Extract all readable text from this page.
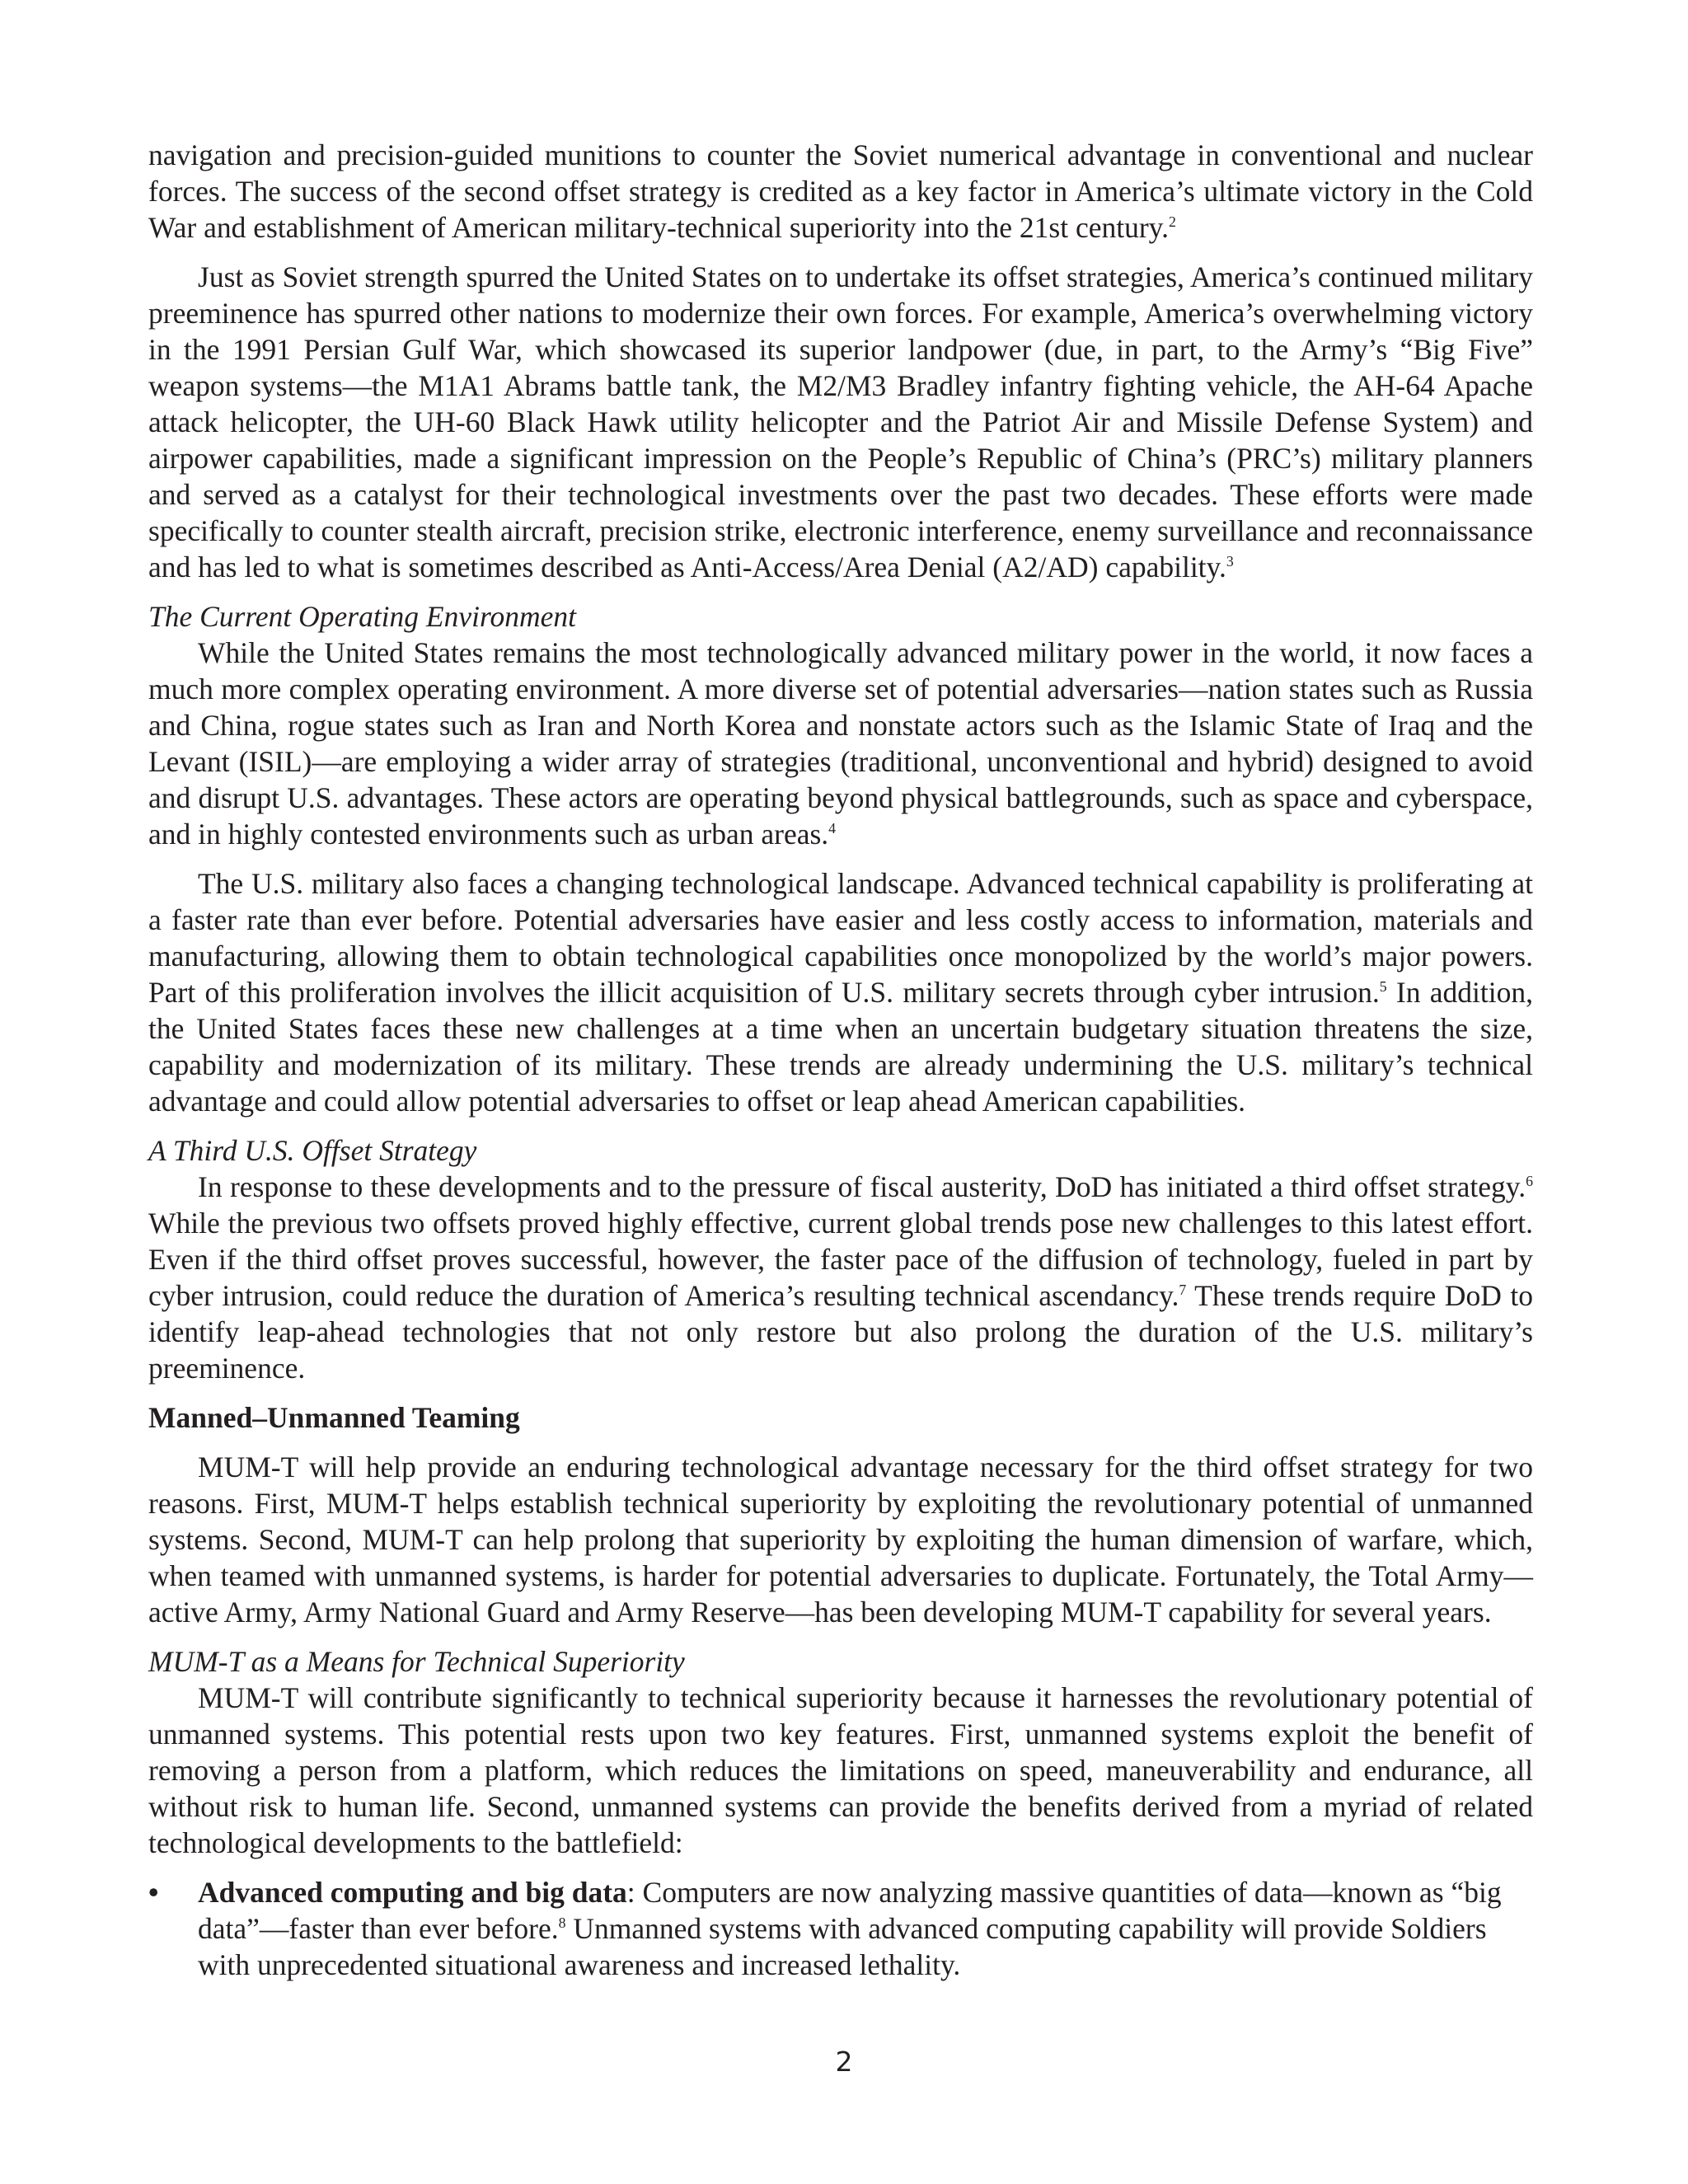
navigation and precision-guided munitions to counter the Soviet numerical advantage in conventional and nuclear forces. The success of the second offset strategy is credited as a key factor in America’s ultimate victory in the Cold War and establishment of American military-technical superiority into the 21st century.$^2$

Just as Soviet strength spurred the United States on to undertake its offset strategies, America’s continued military preeminence has spurred other nations to modernize their own forces. For example, America’s overwhelming victory in the 1991 Persian Gulf War, which showcased its superior landpower (due, in part, to the Army’s “Big Five” weapon systems—the M1A1 Abrams battle tank, the M2/M3 Bradley infantry fighting vehicle, the AH-64 Apache attack helicopter, the UH-60 Black Hawk utility helicopter and the Patriot Air and Missile Defense System) and airpower capabilities, made a significant impression on the People’s Republic of China’s (PRC’s) military planners and served as a catalyst for their technological investments over the past two decades. These efforts were made specifically to counter stealth aircraft, precision strike, electronic interference, enemy surveillance and reconnaissance and has led to what is sometimes described as Anti-Access/Area Denial (A2/AD) capability.$^3$

The Current Operating Environment

While the United States remains the most technologically advanced military power in the world, it now faces a much more complex operating environment. A more diverse set of potential adversaries—nation states such as Russia and China, rogue states such as Iran and North Korea and nonstate actors such as the Islamic State of Iraq and the Levant (ISIL)—are employing a wider array of strategies (traditional, unconventional and hybrid) designed to avoid and disrupt U.S. advantages. These actors are operating beyond physical battlegrounds, such as space and cyberspace, and in highly contested environments such as urban areas.$^4$

The U.S. military also faces a changing technological landscape. Advanced technical capability is proliferating at a faster rate than ever before. Potential adversaries have easier and less costly access to information, materials and manufacturing, allowing them to obtain technological capabilities once monopolized by the world’s major powers. Part of this proliferation involves the illicit acquisition of U.S. military secrets through cyber intrusion.$^5$ In addition, the United States faces these new challenges at a time when an uncertain budgetary situation threatens the size, capability and modernization of its military. These trends are already undermining the U.S. military’s technical advantage and could allow potential adversaries to offset or leap ahead American capabilities.

A Third U.S. Offset Strategy

In response to these developments and to the pressure of fiscal austerity, DoD has initiated a third offset strategy.$^6$ While the previous two offsets proved highly effective, current global trends pose new challenges to this latest effort. Even if the third offset proves successful, however, the faster pace of the diffusion of technology, fueled in part by cyber intrusion, could reduce the duration of America’s resulting technical ascendancy.$^7$ These trends require DoD to identify leap-ahead technologies that not only restore but also prolong the duration of the U.S. military’s preeminence.

Manned–Unmanned Teaming

MUM-T will help provide an enduring technological advantage necessary for the third offset strategy for two reasons. First, MUM-T helps establish technical superiority by exploiting the revolutionary potential of unmanned systems. Second, MUM-T can help prolong that superiority by exploiting the human dimension of warfare, which, when teamed with unmanned systems, is harder for potential adversaries to duplicate. Fortunately, the Total Army—active Army, Army National Guard and Army Reserve—has been developing MUM-T capability for several years.

MUM-T as a Means for Technical Superiority

MUM-T will contribute significantly to technical superiority because it harnesses the revolutionary potential of unmanned systems. This potential rests upon two key features. First, unmanned systems exploit the benefit of removing a person from a platform, which reduces the limitations on speed, maneuverability and endurance, all without risk to human life. Second, unmanned systems can provide the benefits derived from a myriad of related technological developments to the battlefield:

•	Advanced computing and big data: Computers are now analyzing massive quantities of data—known as “big data”—faster than ever before.$^8$ Unmanned systems with advanced computing capability will provide Soldiers with unprecedented situational awareness and increased lethality.
2
